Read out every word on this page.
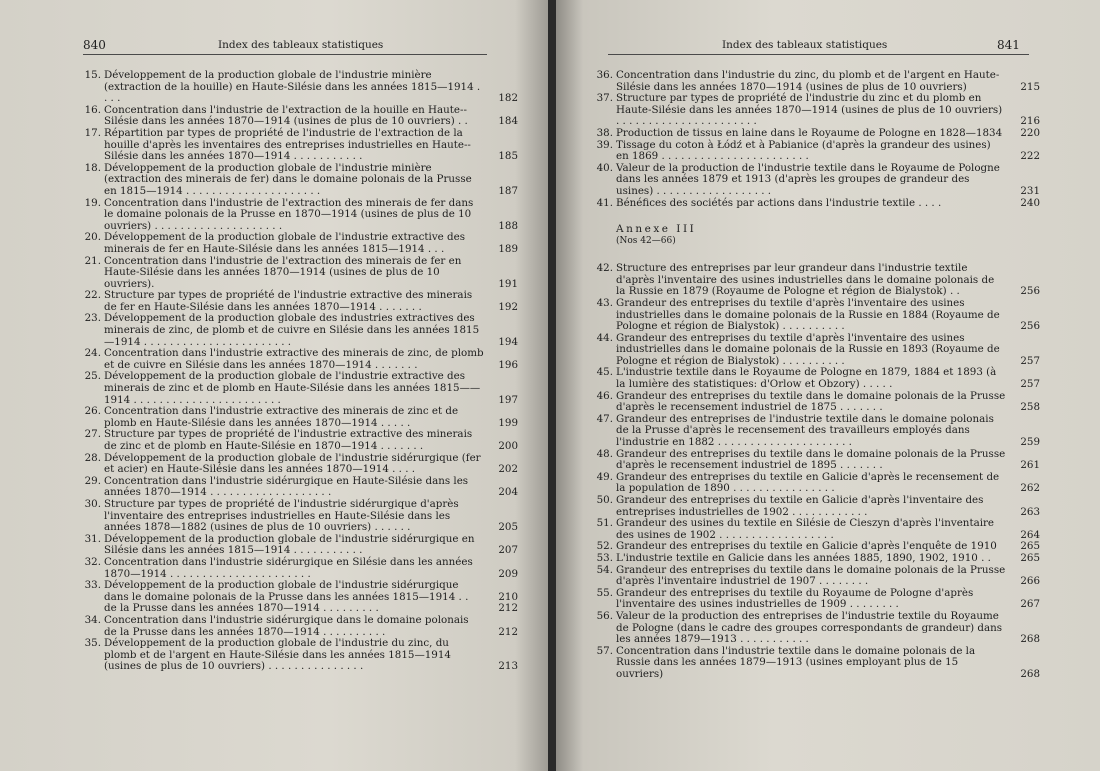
840	Index des tableaux statistiques
15. Développement de la production globale de l'industrie minière (extraction de la houille) en Haute-Silésie dans les années 1815—1914 . . . .	182
16. Concentration dans l'industrie de l'extraction de la houille en Haute--Silésie dans les années 1870—1914 (usines de plus de 10 ouvriers) . .	184
17. Répartition par types de propriété de l'industrie de l'extraction de la houille d'après les inventaires des entreprises industrielles en Haute--Silésie dans les années 1870—1914 . . . . . . . . . . .	185
18. Développement de la production globale de l'industrie minière (extraction des minerais de fer) dans le domaine polonais de la Prusse en 1815—1914 . . . . . . . . . . . . . . . . . . . . .	187
19. Concentration dans l'industrie de l'extraction des minerais de fer dans le domaine polonais de la Prusse en 1870—1914 (usines de plus de 10 ouvriers) . . . . . . . . . . . . . . . . . . . .	188
20. Développement de la production globale de l'industrie extractive des minerais de fer en Haute-Silésie dans les années 1815—1914 . . .	189
21. Concentration dans l'industrie de l'extraction des minerais de fer en Haute-Silésie dans les années 1870—1914 (usines de plus de 10 ouvriers).	191
22. Structure par types de propriété de l'industrie extractive des minerais de fer en Haute-Silésie dans les années 1870—1914 . . . . . . .	192
23. Développement de la production globale des industries extractives des minerais de zinc, de plomb et de cuivre en Silésie dans les années 1815—1914 . . . . . . . . . . . . . . . . . . . . . . .	194
24. Concentration dans l'industrie extractive des minerais de zinc, de plomb et de cuivre en Silésie dans les années 1870—1914 . . . . . . .	196
25. Développement de la production globale de l'industrie extractive des minerais de zinc et de plomb en Haute-Silésie dans les années 1815——1914 . . . . . . . . . . . . . . . . . . . . . . .	197
26. Concentration dans l'industrie extractive des minerais de zinc et de plomb en Haute-Silésie dans les années 1870—1914 . . . . .	199
27. Structure par types de propriété de l'industrie extractive des minerais de zinc et de plomb en Haute-Silésie en 1870—1914 . . . . . . .	200
28. Développement de la production globale de l'industrie sidérurgique (fer et acier) en Haute-Silésie dans les années 1870—1914 . . . .	202
29. Concentration dans l'industrie sidérurgique en Haute-Silésie dans les années 1870—1914 . . . . . . . . . . . . . . . . . . .	204
30. Structure par types de propriété de l'industrie sidérurgique d'après l'inventaire des entreprises industrielles en Haute-Silésie dans les années 1878—1882 (usines de plus de 10 ouvriers) . . . . . .	205
31. Développement de la production globale de l'industrie sidérurgique en Silésie dans les années 1815—1914 . . . . . . . . . . .	207
32. Concentration dans l'industrie sidérurgique en Silésie dans les années 1870—1914 . . . . . . . . . . . . . . . . . . . . . .	209
33. Développement de la production globale de l'industrie sidérurgique dans le domaine polonais de la Prusse dans les années 1815—1914 . .	210
de la Prusse dans les années 1870—1914 . . . . . . . . .	212
34. Concentration dans l'industrie sidérurgique dans le domaine polonais de la Prusse dans les années 1870—1914 . . . . . . . . . .	212
35. Développement de la production globale de l'industrie du zinc, du plomb et de l'argent en Haute-Silésie dans les années 1815—1914 (usines de plus de 10 ouvriers) . . . . . . . . . . . . . . .	213
Index des tableaux statistiques	841
36. Concentration dans l'industrie du zinc, du plomb et de l'argent en Haute-Silésie dans les années 1870—1914 (usines de plus de 10 ouvriers)	215
37. Structure par types de propriété de l'industrie du zinc et du plomb en Haute-Silésie dans les années 1870—1914 (usines de plus de 10 ouvriers) . . . . . . . . . . . . . . . . . . . . . .	216
38. Production de tissus en laine dans le Royaume de Pologne en 1828—1834	220
39. Tissage du coton à Łódź et à Pabianice (d'après la grandeur des usines) en 1869 . . . . . . . . . . . . . . . . . . . . . . .	222
40. Valeur de la production de l'industrie textile dans le Royaume de Pologne dans les années 1879 et 1913 (d'après les groupes de grandeur des usines) . . . . . . . . . . . . . . . . . .	231
41. Bénéfices des sociétés par actions dans l'industrie textile . . . .	240
Annexe III
(Nos 42—66)
42. Structure des entreprises par leur grandeur dans l'industrie textile d'après l'inventaire des usines industrielles dans le domaine polonais de la Russie en 1879 (Royaume de Pologne et région de Bialystok) . .	256
43. Grandeur des entreprises du textile d'après l'inventaire des usines industrielles dans le domaine polonais de la Russie en 1884 (Royaume de Pologne et région de Bialystok) . . . . . . . . . .	256
44. Grandeur des entreprises du textile d'après l'inventaire des usines industrielles dans le domaine polonais de la Russie en 1893 (Royaume de Pologne et région de Bialystok) . . . . . . . . . .	257
45. L'industrie textile dans le Royaume de Pologne en 1879, 1884 et 1893 (à la lumière des statistiques: d'Orlow et Obzory) . . . . .	257
46. Grandeur des entreprises du textile dans le domaine polonais de la Prusse d'après le recensement industriel de 1875 . . . . . . .	258
47. Grandeur des entreprises de l'industrie textile dans le domaine polonais de la Prusse d'après le recensement des travailleurs employés dans l'industrie en 1882 . . . . . . . . . . . . . . . . . . . . .	259
48. Grandeur des entreprises du textile dans le domaine polonais de la Prusse d'après le recensement industriel de 1895 . . . . . . .	261
49. Grandeur des entreprises du textile en Galicie d'après le recensement de la population de 1890 . . . . . . . . . . . . . . . .	262
50. Grandeur des entreprises du textile en Galicie d'après l'inventaire des entreprises industrielles de 1902 . . . . . . . . . . . .	263
51. Grandeur des usines du textile en Silésie de Cieszyn d'après l'inventaire des usines de 1902 . . . . . . . . . . . . . . . . . .	264
52. Grandeur des entreprises du textile en Galicie d'après l'enquête de 1910	265
53. L'industrie textile en Galicie dans les années 1885, 1890, 1902, 1910 . .	265
54. Grandeur des entreprises du textile dans le domaine polonais de la Prusse d'après l'inventaire industriel de 1907 . . . . . . . .	266
55. Grandeur des entreprises du textile du Royaume de Pologne d'après l'inventaire des usines industrielles de 1909 . . . . . . . .	267
56. Valeur de la production des entreprises de l'industrie textile du Royaume de Pologne (dans le cadre des groupes correspondants de grandeur) dans les années 1879—1913 . . . . . . . . . . .	268
57. Concentration dans l'industrie textile dans le domaine polonais de la Russie dans les années 1879—1913 (usines employant plus de 15 ouvriers)	268
